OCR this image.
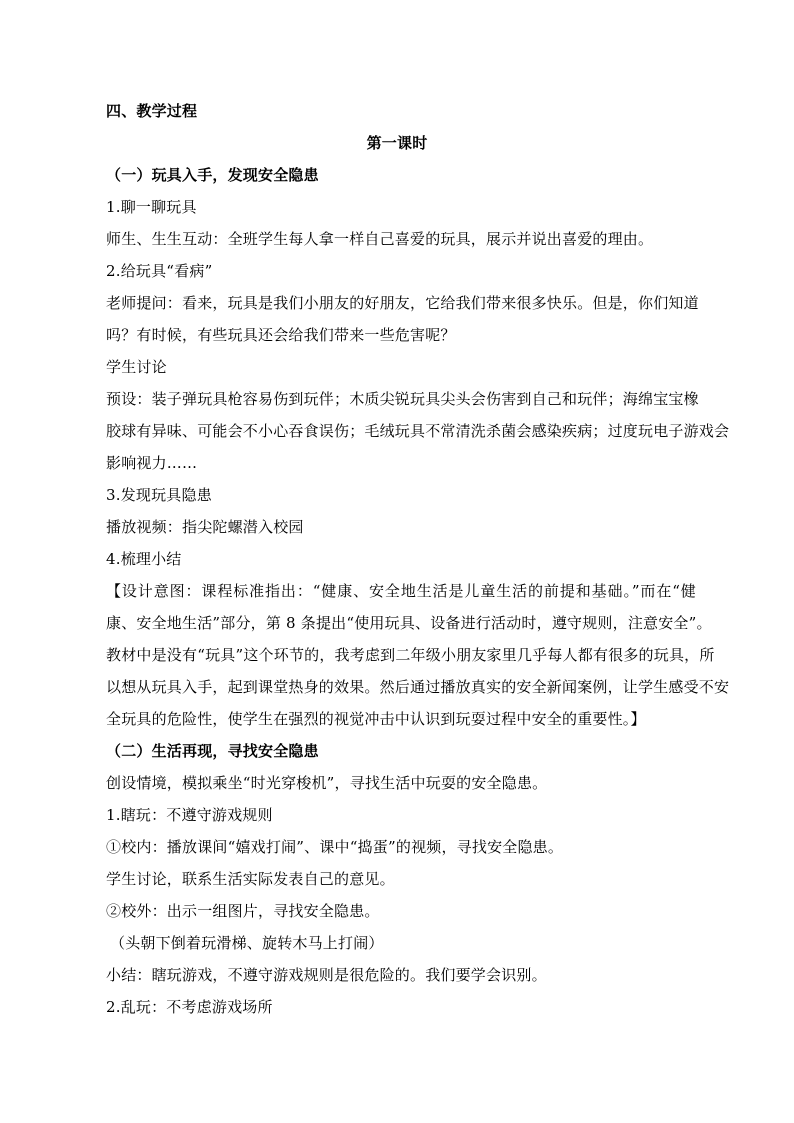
四、教学过程
第一课时
（一）玩具入手，发现安全隐患
1.聊一聊玩具
师生、生生互动：全班学生每人拿一样自己喜爱的玩具，展示并说出喜爱的理由。
2.给玩具“看病”
老师提问：看来，玩具是我们小朋友的好朋友，它给我们带来很多快乐。但是，你们知道
吗？有时候，有些玩具还会给我们带来一些危害呢？
学生讨论
预设：装子弹玩具枪容易伤到玩伴；木质尖锐玩具尖头会伤害到自己和玩伴；海绵宝宝橡
胶球有异味、可能会不小心吞食误伤；毛绒玩具不常清洗杀菌会感染疾病；过度玩电子游戏会
影响视力……
3.发现玩具隐患
播放视频：指尖陀螺潜入校园
4.梳理小结
【设计意图：课程标准指出：“健康、安全地生活是儿童生活的前提和基础。”而在“健
康、安全地生活”部分，第 8 条提出“使用玩具、设备进行活动时，遵守规则，注意安全”。
教材中是没有“玩具”这个环节的，我考虑到二年级小朋友家里几乎每人都有很多的玩具，所
以想从玩具入手，起到课堂热身的效果。然后通过播放真实的安全新闻案例，让学生感受不安
全玩具的危险性，使学生在强烈的视觉冲击中认识到玩耍过程中安全的重要性。】
（二）生活再现，寻找安全隐患
创设情境，模拟乘坐“时光穿梭机”，寻找生活中玩耍的安全隐患。
1.瞎玩：不遵守游戏规则
①校内：播放课间“嬉戏打闹”、课中“捣蛋”的视频，寻找安全隐患。
学生讨论，联系生活实际发表自己的意见。
②校外：出示一组图片，寻找安全隐患。
（头朝下倒着玩滑梯、旋转木马上打闹）
小结：瞎玩游戏，不遵守游戏规则是很危险的。我们要学会识别。
2.乱玩：不考虑游戏场所
